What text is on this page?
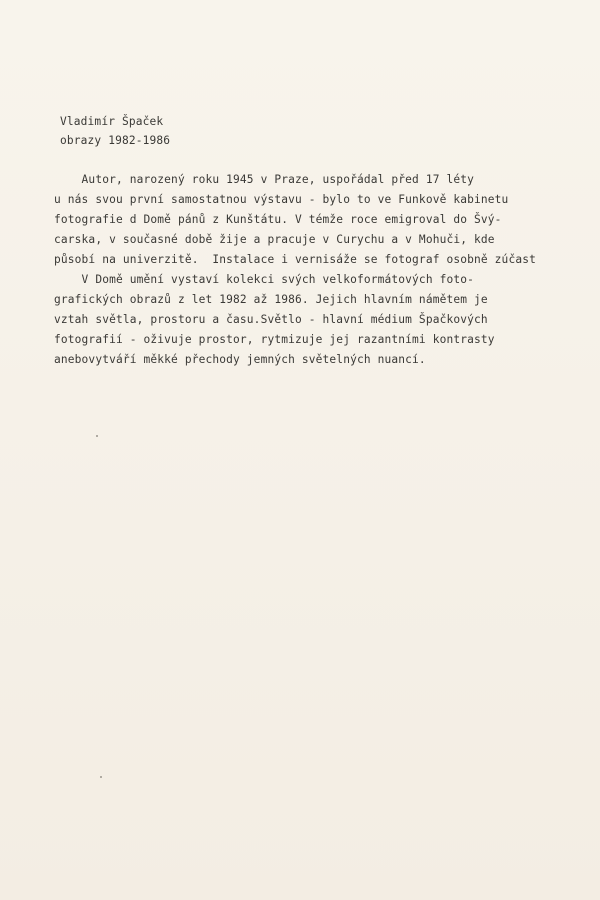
Vladimír Špaček
obrazy 1982-1986
Autor, narozený roku 1945 v Praze, uspořádal před 17 léty
u nás svou první samostatnou výstavu - bylo to ve Funkově kabinetu
fotografie d Domě pánů z Kunštátu. V témže roce emigroval do Švý-
carska, v současné době žije a pracuje v Curychu a v Mohuči, kde
působí na univerzitě.  Instalace i vernisáže se fotograf osobně zúčast
V Domě umění vystaví kolekci svých velkoformátových foto-
grafických obrazů z let 1982 až 1986. Jejich hlavním námětem je
vztah světla, prostoru a času.Světlo - hlavní médium Špačkových
fotografií - oživuje prostor, rytmizuje jej razantními kontrasty
anebovytváří měkké přechody jemných světelných nuancí.
